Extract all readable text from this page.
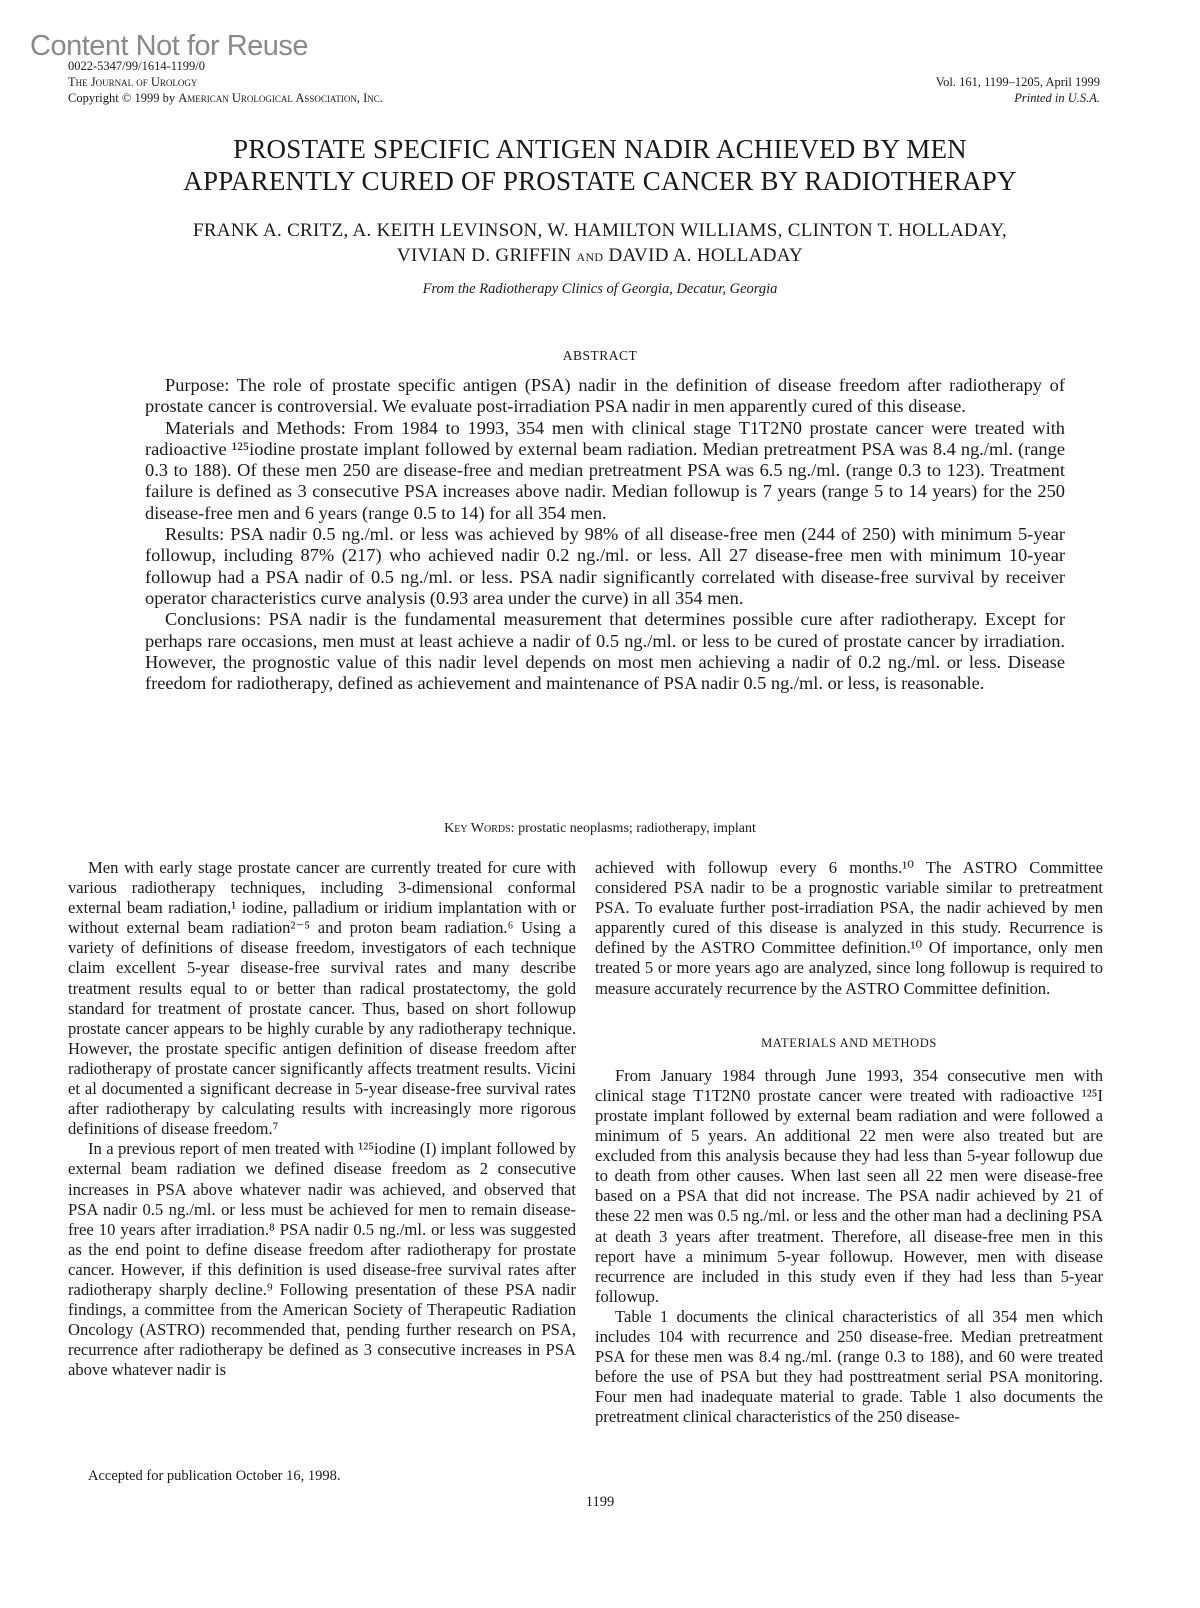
Content Not for Reuse
0022-5347/99/1614-1199/0
The Journal of Urology
Copyright © 1999 by American Urological Association, Inc.
Vol. 161, 1199–1205, April 1999
Printed in U.S.A.
PROSTATE SPECIFIC ANTIGEN NADIR ACHIEVED BY MEN
APPARENTLY CURED OF PROSTATE CANCER BY RADIOTHERAPY
FRANK A. CRITZ, A. KEITH LEVINSON, W. HAMILTON WILLIAMS, CLINTON T. HOLLADAY,
VIVIAN D. GRIFFIN and DAVID A. HOLLADAY
From the Radiotherapy Clinics of Georgia, Decatur, Georgia
ABSTRACT

Purpose: The role of prostate specific antigen (PSA) nadir in the definition of disease freedom after radiotherapy of prostate cancer is controversial. We evaluate post-irradiation PSA nadir in men apparently cured of this disease.

Materials and Methods: From 1984 to 1993, 354 men with clinical stage T1T2N0 prostate cancer were treated with radioactive ¹²⁵iodine prostate implant followed by external beam radiation. Median pretreatment PSA was 8.4 ng./ml. (range 0.3 to 188). Of these men 250 are disease-free and median pretreatment PSA was 6.5 ng./ml. (range 0.3 to 123). Treatment failure is defined as 3 consecutive PSA increases above nadir. Median followup is 7 years (range 5 to 14 years) for the 250 disease-free men and 6 years (range 0.5 to 14) for all 354 men.

Results: PSA nadir 0.5 ng./ml. or less was achieved by 98% of all disease-free men (244 of 250) with minimum 5-year followup, including 87% (217) who achieved nadir 0.2 ng./ml. or less. All 27 disease-free men with minimum 10-year followup had a PSA nadir of 0.5 ng./ml. or less. PSA nadir significantly correlated with disease-free survival by receiver operator characteristics curve analysis (0.93 area under the curve) in all 354 men.

Conclusions: PSA nadir is the fundamental measurement that determines possible cure after radiotherapy. Except for perhaps rare occasions, men must at least achieve a nadir of 0.5 ng./ml. or less to be cured of prostate cancer by irradiation. However, the prognostic value of this nadir level depends on most men achieving a nadir of 0.2 ng./ml. or less. Disease freedom for radiotherapy, defined as achievement and maintenance of PSA nadir 0.5 ng./ml. or less, is reasonable.

Key Words: prostatic neoplasms; radiotherapy, implant

Men with early stage prostate cancer are currently treated for cure with various radiotherapy techniques, including 3-dimensional conformal external beam radiation,¹ iodine, palladium or iridium implantation with or without external beam radiation²⁻⁵ and proton beam radiation.⁶ Using a variety of definitions of disease freedom, investigators of each technique claim excellent 5-year disease-free survival rates and many describe treatment results equal to or better than radical prostatectomy, the gold standard for treatment of prostate cancer. Thus, based on short followup prostate cancer appears to be highly curable by any radiotherapy technique. However, the prostate specific antigen definition of disease freedom after radiotherapy of prostate cancer significantly affects treatment results. Vicini et al documented a significant decrease in 5-year disease-free survival rates after radiotherapy by calculating results with increasingly more rigorous definitions of disease freedom.⁷

In a previous report of men treated with ¹²⁵iodine (I) implant followed by external beam radiation we defined disease freedom as 2 consecutive increases in PSA above whatever nadir was achieved, and observed that PSA nadir 0.5 ng./ml. or less must be achieved for men to remain disease-free 10 years after irradiation.⁸ PSA nadir 0.5 ng./ml. or less was suggested as the end point to define disease freedom after radiotherapy for prostate cancer. However, if this definition is used disease-free survival rates after radiotherapy sharply decline.⁹ Following presentation of these PSA nadir findings, a committee from the American Society of Therapeutic Radiation Oncology (ASTRO) recommended that, pending further research on PSA, recurrence after radiotherapy be defined as 3 consecutive increases in PSA above whatever nadir is

achieved with followup every 6 months.¹⁰ The ASTRO Committee considered PSA nadir to be a prognostic variable similar to pretreatment PSA. To evaluate further post-irradiation PSA, the nadir achieved by men apparently cured of this disease is analyzed in this study. Recurrence is defined by the ASTRO Committee definition.¹⁰ Of importance, only men treated 5 or more years ago are analyzed, since long followup is required to measure accurately recurrence by the ASTRO Committee definition.

MATERIALS AND METHODS

From January 1984 through June 1993, 354 consecutive men with clinical stage T1T2N0 prostate cancer were treated with radioactive ¹²⁵I prostate implant followed by external beam radiation and were followed a minimum of 5 years. An additional 22 men were also treated but are excluded from this analysis because they had less than 5-year followup due to death from other causes. When last seen all 22 men were disease-free based on a PSA that did not increase. The PSA nadir achieved by 21 of these 22 men was 0.5 ng./ml. or less and the other man had a declining PSA at death 3 years after treatment. Therefore, all disease-free men in this report have a minimum 5-year followup. However, men with disease recurrence are included in this study even if they had less than 5-year followup.

Table 1 documents the clinical characteristics of all 354 men which includes 104 with recurrence and 250 disease-free. Median pretreatment PSA for these men was 8.4 ng./ml. (range 0.3 to 188), and 60 were treated before the use of PSA but they had posttreatment serial PSA monitoring. Four men had inadequate material to grade. Table 1 also documents the pretreatment clinical characteristics of the 250 disease-

Accepted for publication October 16, 1998.
1199
